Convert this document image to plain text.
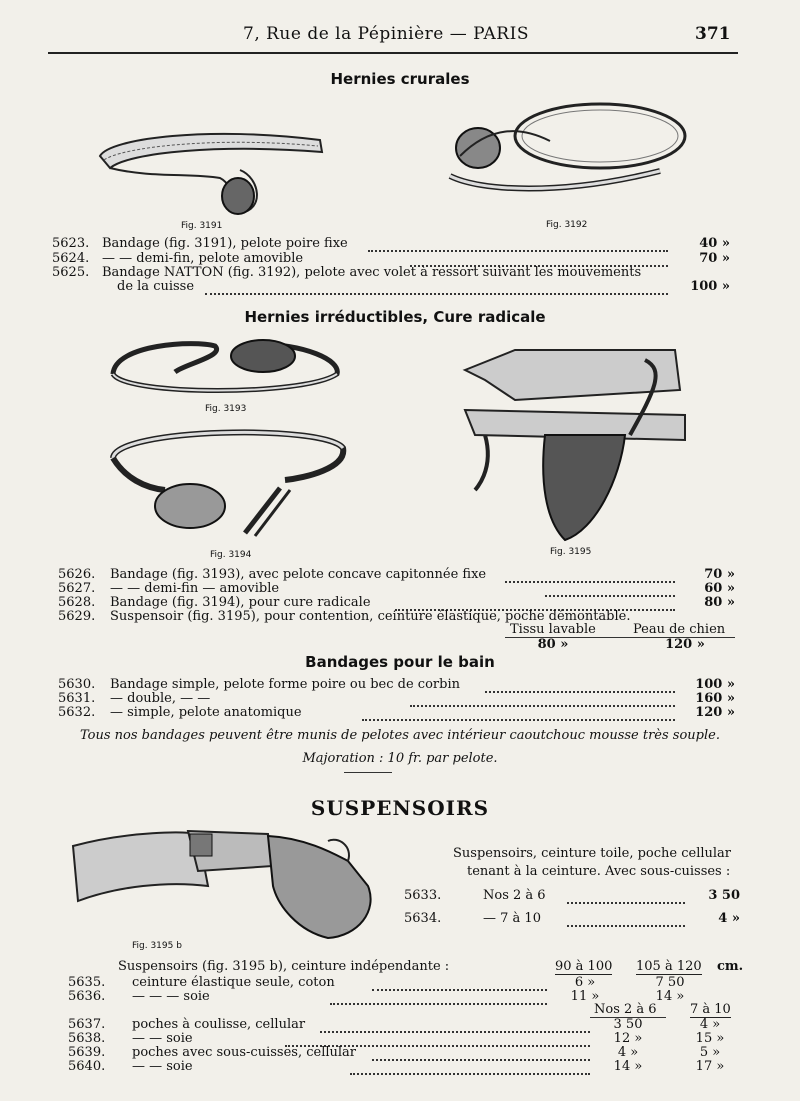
7, Rue de la Pépinière — PARIS	371
Hernies crurales
Fig. 3191	Fig. 3192
5623. Bandage (fig. 3191), pelote poire fixe	40 »
5624. — — demi-fin, pelote amovible	70 »
5625. Bandage NATTON (fig. 3192), pelote avec volet à ressort suivant les mouvements
de la cuisse	100 »
Hernies irréductibles, Cure radicale
Fig. 3193
Fig. 3194	Fig. 3195
5626. Bandage (fig. 3193), avec pelote concave capitonnée fixe	70 »
5627. — — demi-fin — amovible	60 »
5628. Bandage (fig. 3194), pour cure radicale	80 »
5629. Suspensoir (fig. 3195), pour contention, ceinture élastique, poche démontable.
Tissu lavable	Peau de chien
80 »	120 »
Bandages pour le bain
5630. Bandage simple, pelote forme poire ou bec de corbin	100 »
5631. — double, — —	160 »
5632. — simple, pelote anatomique	120 »
Tous nos bandages peuvent être munis de pelotes avec intérieur caoutchouc mousse très souple.
Majoration : 10 fr. par pelote.
SUSPENSOIRS
Fig. 3195 b
Suspensoirs, ceinture toile, poche cellular
tenant à la ceinture. Avec sous-cuisses :
5633.	Nos 2 à 6	3 50
5634.	— 7 à 10	4 »
Suspensoirs (fig. 3195 b), ceinture indépendante :	90 à 100 105 à 120 cm.
5635. ceinture élastique seule, coton	6 »	7 50
5636. — — — soie	11 »	14 »
Nos 2 à 6	7 à 10
5637. poches à coulisse, cellular	3 50	4 »
5638. — — soie	12 »	15 »
5639. poches avec sous-cuisses, cellular	4 »	5 »
5640. — — soie	14 »	17 »
